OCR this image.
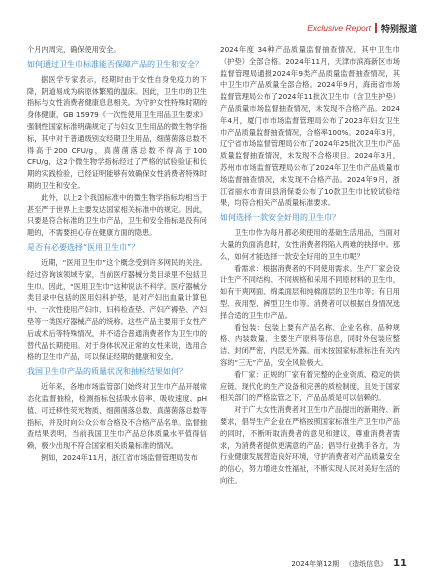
Exclusive Report 特别报道

个月内周完，确保使用安全。

如何通过卫生巾标准能否保障产品的卫生和安全？

据医学专家表示，经期时由于女性自身免疫力的下降，阴道易成为病原体繁殖的温床。因此，卫生巾的卫生指标与女性消费者健康息息相关。为守护女性特殊时期的身体健康，GB 15979《一次性使用卫生用品卫生要求》强制性国家标准明确规定了与妇女卫生用品的微生物学指标，其中对于普通级别女经期卫生用品，细菌菌落总数不得高于200 CFU/g，真菌菌落总数不得高于100 CFU/g，这2个微生物学指标经过了严格的试验验证和长期的实践检验，已经证明能够有效确保女性消费者特殊时期的卫生和安全。

此外，以上2个我国标准中的微生物学指标均相当于甚至严于世界上主要发达国家相关标准中的规定。因此，只要是符合标准的卫生巾产品，卫生和安全指标是没有问题的，不需要担心存在健康方面的隐患。

是否有必要选择“医用卫生巾”？

近期，“医用卫生巾”这个概念受到许多网民的关注。经过咨询该领域专家，当前医疗器械分类目录里不包括卫生巾。因此，“医用卫生巾”这种说法不科学。医疗器械分类目录中包括的医用妇科护垫，是对产妇出血量计算包中、一次性使用产妇巾、妇科检查垫、产妇产褥垫、产妇垫等一类医疗器械产品的统称。这些产品主要用于女性产后或术后等特殊情况，并不适合普通消费者作为卫生巾的替代品长期使用。对于身体状况正常的女性来说，选用合格的卫生巾产品，可以保证经期的健康和安全。

我国卫生巾产品的质量状况和抽检结果如何？

近年来，各地市场监管部门始终对卫生巾产品开展常态化监督抽检，检测指标包括吸水倍率、吸收速度、pH 值、可迁移性荧光物质、细菌菌落总数、真菌菌落总数等指标，并及时向公众公布合格及不合格产品名单。监督抽查结果表明，当前我国卫生巾产品总体质量水平值得信赖，极少出现不符合国家相关质量标准的情况。

例如，2024年11月，浙江省市场监督管理局发布

2024年度 34种产品质量监督抽查情况，其中卫生巾（护垫）全部合格。2024年11月，天津市滨海新区市场监督管理局通报2024年9类产品质量监督抽查情况，其中卫生巾产品质量全部合格。2024年9月，海南省市场监督管理局公布了2024年11批次卫生巾（含卫生护垫）产品质量市场监督抽查情况，未发现不合格产品。2024年4月，厦门市市场监督管理局公布了2023年妇女卫生巾产品质量监督抽查情况，合格率100%。2024年3月，辽宁省市场监督管理局公布了2024年25批次卫生巾产品质量监督抽查情况，未发现不合格项目。2024年3月，苏州市市场监督管理局公布了2024年卫生巾产品质量市场监督抽查情况，未发现不合格产品。2024年9月，浙江省丽水市青田县消保委公布了10款卫生巾比较试验结果，均符合相关产品质量标准要求。

如何选择一款安全好用的卫生巾？

卫生巾作为每月都必须使用的基础生活用品，当面对大量的负面消息时，女性消费者将陷入两难的抉择中。那么，如何才能选择一款安全好用的卫生巾呢？

看需求：根据消费者的不同使用需求。生产厂家会设计生产不同结构、不同规格和采用不同原材料的卫生巾，如有干爽网面、绵柔面层和纯棉面层的卫生巾等；有日用型、夜用型、裤型卫生巾等。消费者可以根据自身情况选择合适的卫生巾产品。

看包装：包装上要有产品名称、企业名称、品种规格、内装数量、主要生产原料等信息，同时外包装应整洁、封闭严密，内层无外露。而未按国家标准标注有关内容的“三无”产品，安全风险极大。

看厂家：正规的厂家有着完整的企业资质、稳定的供应链、现代化的生产设备和完善的质检制度，且处于国家相关部门的严格监管之下，产品品质是可以信赖的。

对于广大女性消费者对卫生巾产品提出的新期待、新要求，倡导生产企业在严格按照国家标准生产卫生巾产品的同时，不断听取消费者的意见和建议，尊重消费者需求，为消费者提供更满意的产品；倡导行业携手各方，为行业健康发展营造良好环境，守护消费者对产品质量安全的信心，努力增进女性福祉，不断实现人民对美好生活的向往。

2024年第12期 《造纸信息》 11
